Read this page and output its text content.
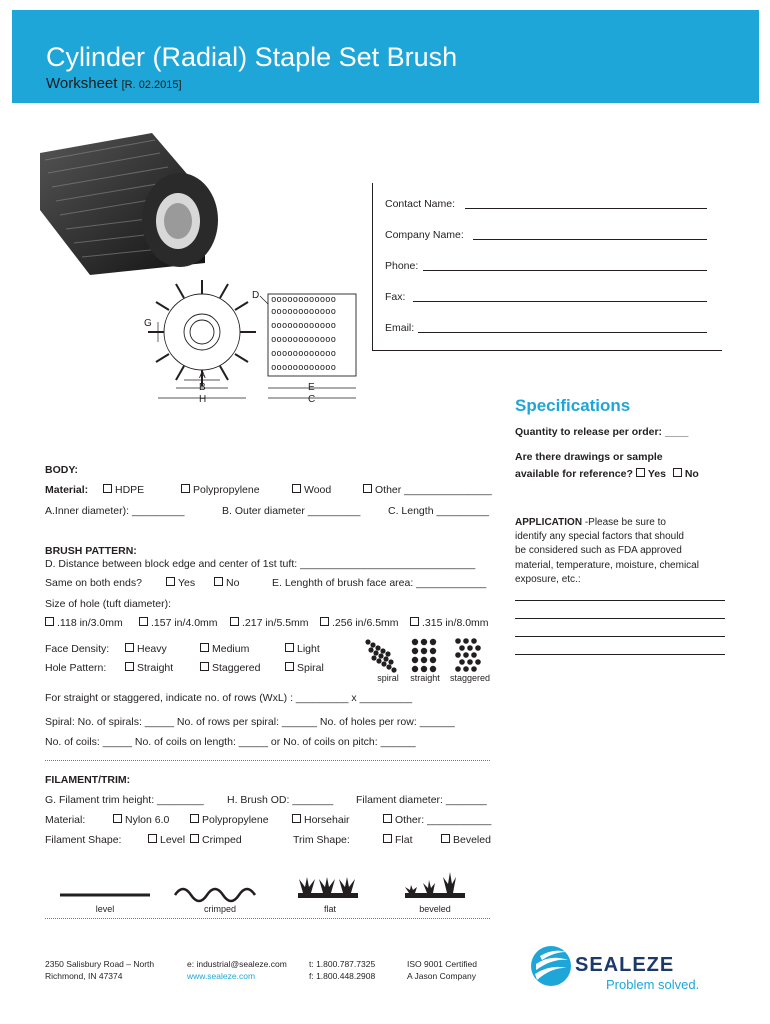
Cylinder (Radial) Staple Set Brush
Worksheet [R. 02.2015]
oooooooooooo
oooooooooooo
oooooooooooo
oooooooooooo
oooooooooooo
oooooooooooo
D
G
A
B
H
E
C
Contact Name:
Company Name:
Phone:
Fax:
Email:
Specifications
Quantity to release per order: ____
Are there drawings or sample
available for reference? Yes No
APPLICATION -Please be sure to
identify any special factors that should
be considered such as FDA approved
material, temperature, moisture, chemical
exposure, etc.:
BODY:
Material:	HDPE	Polypropylene	Wood	Other _______________
A.Inner diameter): _________	B. Outer diameter _________	C. Length _________
BRUSH PATTERN:
D. Distance between block edge and center of 1st tuft: ______________________________
Same on both ends?	Yes	No	E. Lenghth of brush face area: ____________
Size of hole (tuft diameter):
.118 in/3.0mm	.157 in/4.0mm	.217 in/5.5mm	.256 in/6.5mm	.315 in/8.0mm
Face Density:	Heavy	Medium	Light
Hole Pattern:	Straight	Staggered	Spiral
spiral	straight	staggered
For straight or staggered, indicate no. of rows (WxL) : _________ x _________
Spiral: No. of spirals: _____ No. of rows per spiral: ______ No. of holes per row: ______
No. of coils: _____ No. of coils on length: _____ or No. of coils on pitch: ______
FILAMENT/TRIM:
G. Filament trim height: ________ H. Brush OD: _______ Filament diameter: _______
Material:	Nylon 6.0	Polypropylene	Horsehair	Other: ___________
Filament Shape:	Level	Crimped	Trim Shape:	Flat	Beveled
level	crimped	flat	beveled
2350 Salisbury Road – North
Richmond, IN 47374
e: industrial@sealeze.com
www.sealeze.com
t: 1.800.787.7325
f: 1.800.448.2908
ISO 9001 Certified
A Jason Company	SEALEZE
Problem solved.
